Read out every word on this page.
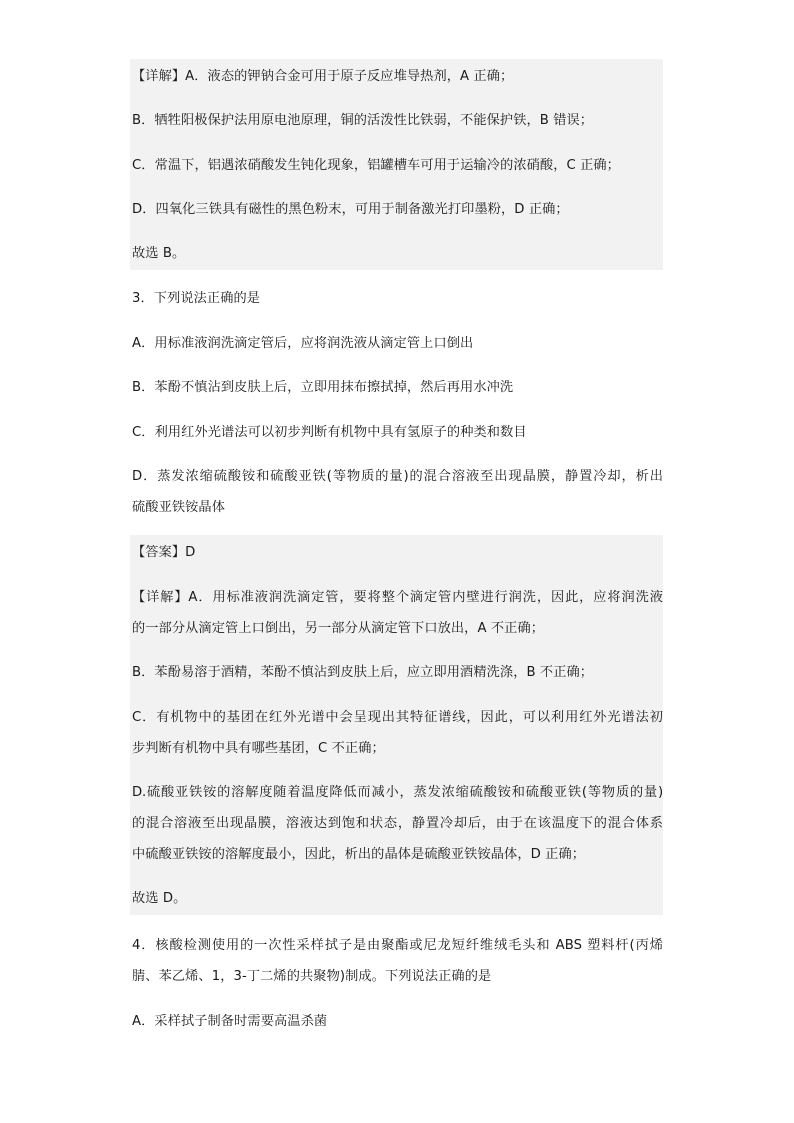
【详解】A．液态的钾钠合金可用于原子反应堆导热剂，A 正确；
B．牺牲阳极保护法用原电池原理，铜的活泼性比铁弱，不能保护铁，B 错误；
C．常温下，铝遇浓硝酸发生钝化现象，铝罐槽车可用于运输冷的浓硝酸，C 正确；
D．四氧化三铁具有磁性的黑色粉末，可用于制备激光打印墨粉，D 正确；
故选 B。
3．下列说法正确的是
A．用标准液润洗滴定管后，应将润洗液从滴定管上口倒出
B．苯酚不慎沾到皮肤上后，立即用抹布擦拭掉，然后再用水冲洗
C．利用红外光谱法可以初步判断有机物中具有氢原子的种类和数目
D．蒸发浓缩硫酸铵和硫酸亚铁(等物质的量)的混合溶液至出现晶膜，静置冷却，析出
硫酸亚铁铵晶体
【答案】D
【详解】A．用标准液润洗滴定管，要将整个滴定管内壁进行润洗，因此，应将润洗液
的一部分从滴定管上口倒出，另一部分从滴定管下口放出，A 不正确；
B．苯酚易溶于酒精，苯酚不慎沾到皮肤上后，应立即用酒精洗涤，B 不正确；
C．有机物中的基团在红外光谱中会呈现出其特征谱线，因此，可以利用红外光谱法初
步判断有机物中具有哪些基团，C 不正确；
D.硫酸亚铁铵的溶解度随着温度降低而减小，蒸发浓缩硫酸铵和硫酸亚铁(等物质的量)
的混合溶液至出现晶膜，溶液达到饱和状态，静置冷却后，由于在该温度下的混合体系
中硫酸亚铁铵的溶解度最小，因此，析出的晶体是硫酸亚铁铵晶体，D 正确；
故选 D。
4．核酸检测使用的一次性采样拭子是由聚酯或尼龙短纤维绒毛头和 ABS 塑料杆(丙烯
腈、苯乙烯、1，3-丁二烯的共聚物)制成。下列说法正确的是
A．采样拭子制备时需要高温杀菌
